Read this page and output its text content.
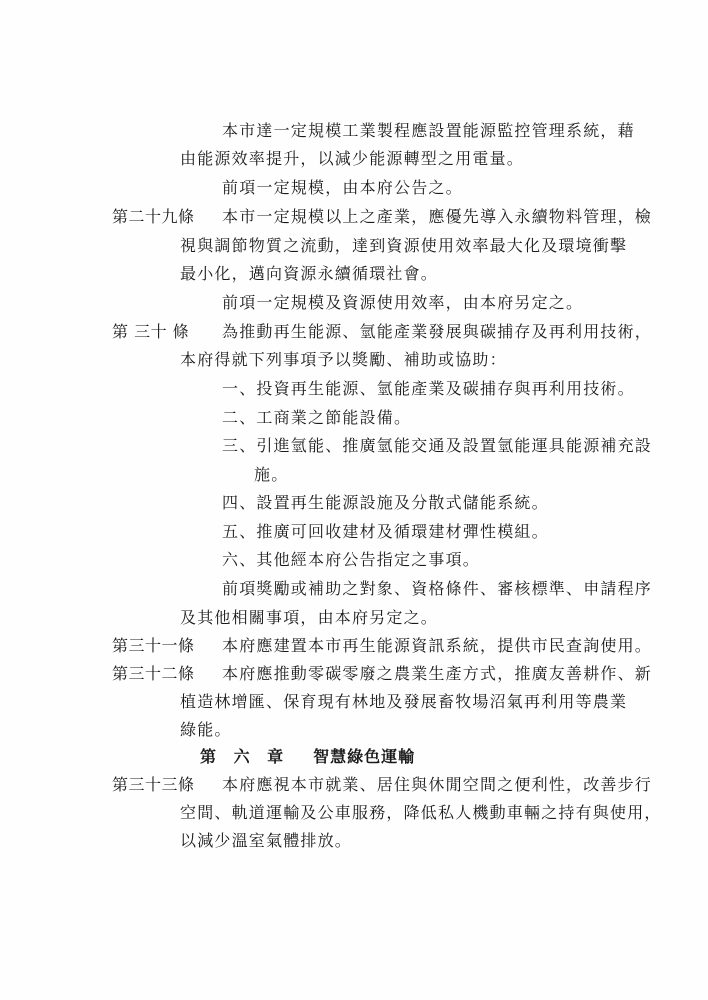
本市達一定規模工業製程應設置能源監控管理系統，藉
由能源效率提升，以減少能源轉型之用電量。
前項一定規模，由本府公告之。
第二十九條 本市一定規模以上之產業，應優先導入永續物料管理，檢
視與調節物質之流動，達到資源使用效率最大化及環境衝擊
最小化，邁向資源永續循環社會。
前項一定規模及資源使用效率，由本府另定之。
第 三十 條 為推動再生能源、氫能產業發展與碳捕存及再利用技術，
本府得就下列事項予以獎勵、補助或協助：
一、投資再生能源、氫能產業及碳捕存與再利用技術。
二、工商業之節能設備。
三、引進氫能、推廣氫能交通及設置氫能運具能源補充設
施。
四、設置再生能源設施及分散式儲能系統。
五、推廣可回收建材及循環建材彈性模組。
六、其他經本府公告指定之事項。
前項獎勵或補助之對象、資格條件、審核標準、申請程序
及其他相關事項，由本府另定之。
第三十一條 本府應建置本市再生能源資訊系統，提供市民查詢使用。
第三十二條 本府應推動零碳零廢之農業生產方式，推廣友善耕作、新
植造林增匯、保育現有林地及發展畜牧場沼氣再利用等農業
綠能。
第 六 章 智慧綠色運輸
第三十三條 本府應視本市就業、居住與休閒空間之便利性，改善步行
空間、軌道運輸及公車服務，降低私人機動車輛之持有與使用，
以減少溫室氣體排放。
